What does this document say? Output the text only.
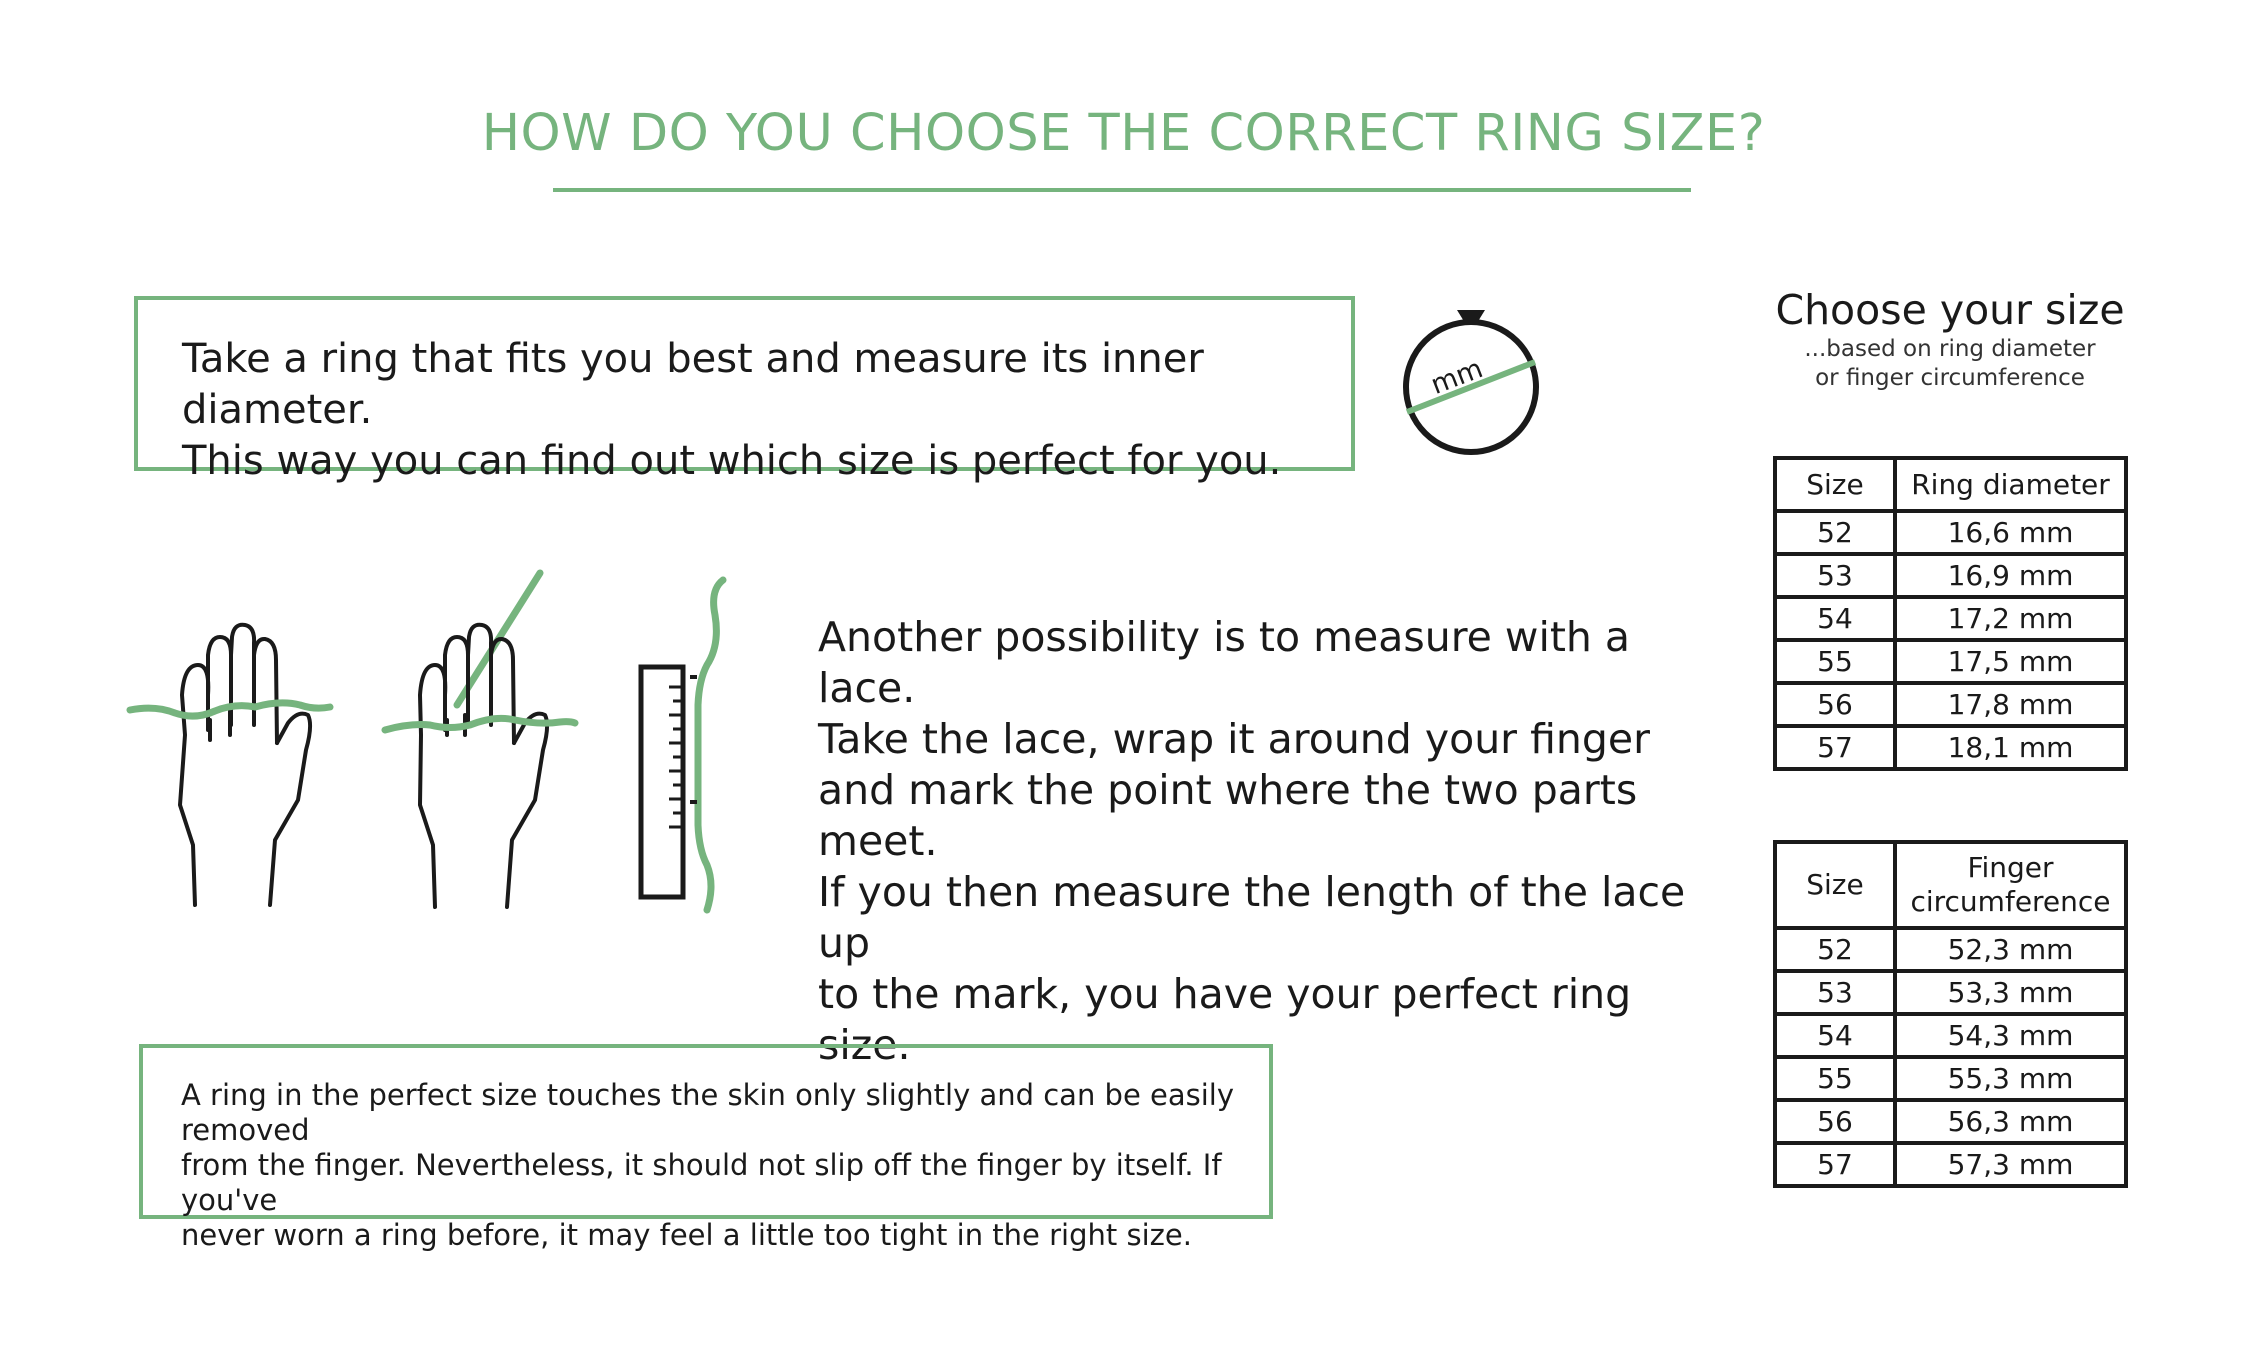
HOW DO YOU CHOOSE THE CORRECT RING SIZE?
Take a ring that fits you best and measure its inner diameter.
This way you can find out which size is perfect for you.
mm
Another possibility is to measure with a lace.
Take the lace, wrap it around your finger
and mark the point where the two parts meet.
If you then measure the length of the lace up
to the mark, you have your perfect ring size.
A ring in the perfect size touches the skin only slightly and can be easily removed
from the finger. Nevertheless, it should not slip off the finger by itself. If you've
never worn a ring before, it may feel a little too tight in the right size.
Choose your size
...based on ring diameter
or finger circumference
Size	Ring diameter
52	16,6 mm
53	16,9 mm
54	17,2 mm
55	17,5 mm
56	17,8 mm
57	18,1 mm
Size	Finger
circumference

52	52,3 mm
53	53,3 mm
54	54,3 mm
55	55,3 mm
56	56,3 mm
57	57,3 mm
